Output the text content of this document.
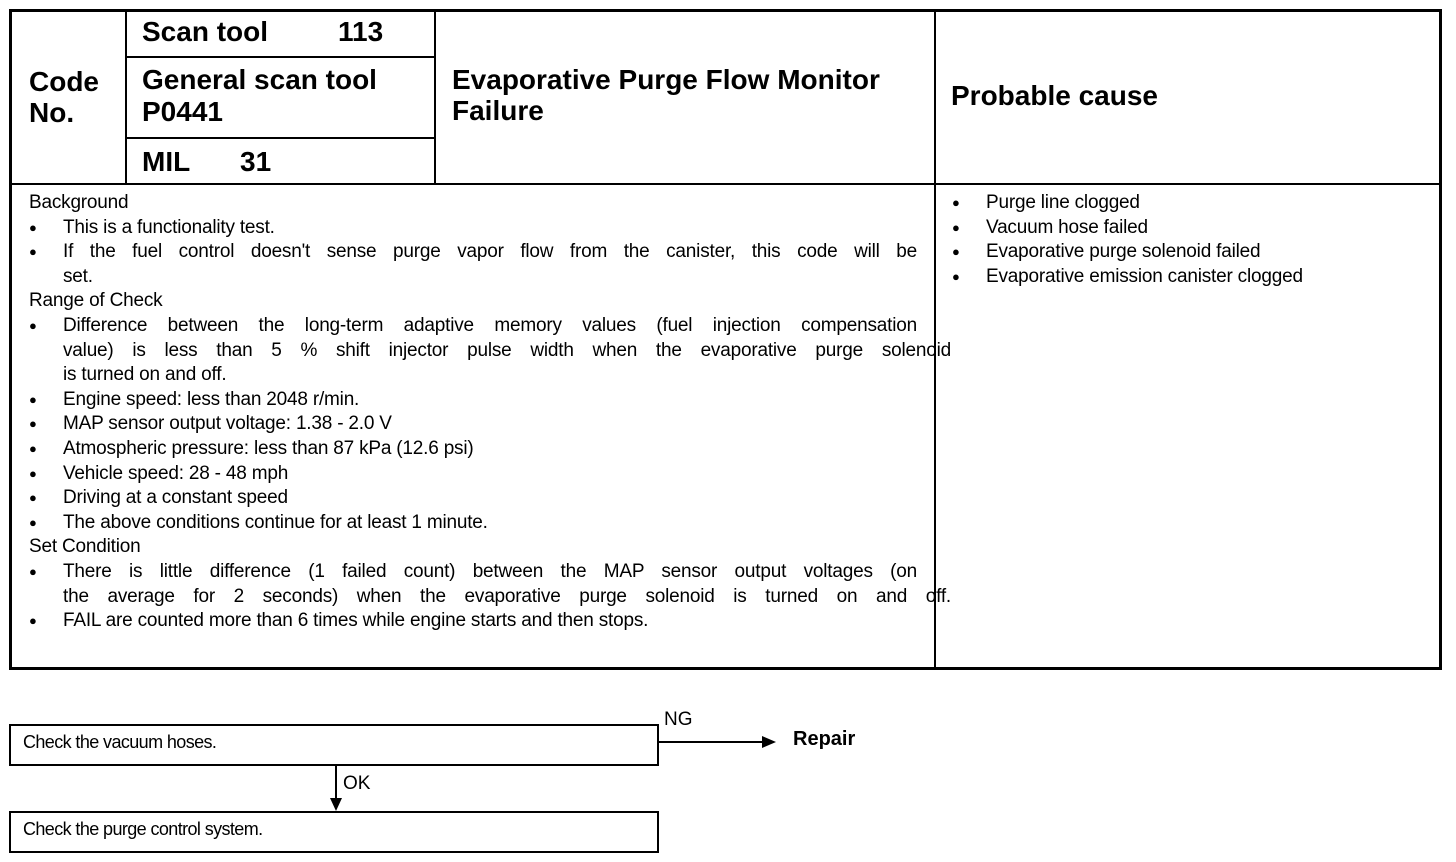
Code
No.
Scan tool 113
General scan tool
P0441
MIL 31
Evaporative Purge Flow Monitor
Failure	Probable cause
Background
● This is a functionality test.
● If the fuel control doesn't sense purge vapor flow from the canister, this code will be
set.
Range of Check
● Difference between the long-term adaptive memory values (fuel injection compensation
value) is less than 5 % shift injector pulse width when the evaporative purge solenoid
is turned on and off.
● Engine speed: less than 2048 r/min.
● MAP sensor output voltage: 1.38 - 2.0 V
● Atmospheric pressure: less than 87 kPa (12.6 psi)
● Vehicle speed: 28 - 48 mph
● Driving at a constant speed
● The above conditions continue for at least 1 minute.
Set Condition
● There is little difference (1 failed count) between the MAP sensor output voltages (on
the average for 2 seconds) when the evaporative purge solenoid is turned on and off.
● FAIL are counted more than 6 times while engine starts and then stops.
● Purge line clogged
● Vacuum hose failed
● Evaporative purge solenoid failed
● Evaporative emission canister clogged
Check the vacuum hoses.
NG
Repair
OK
Check the purge control system.
